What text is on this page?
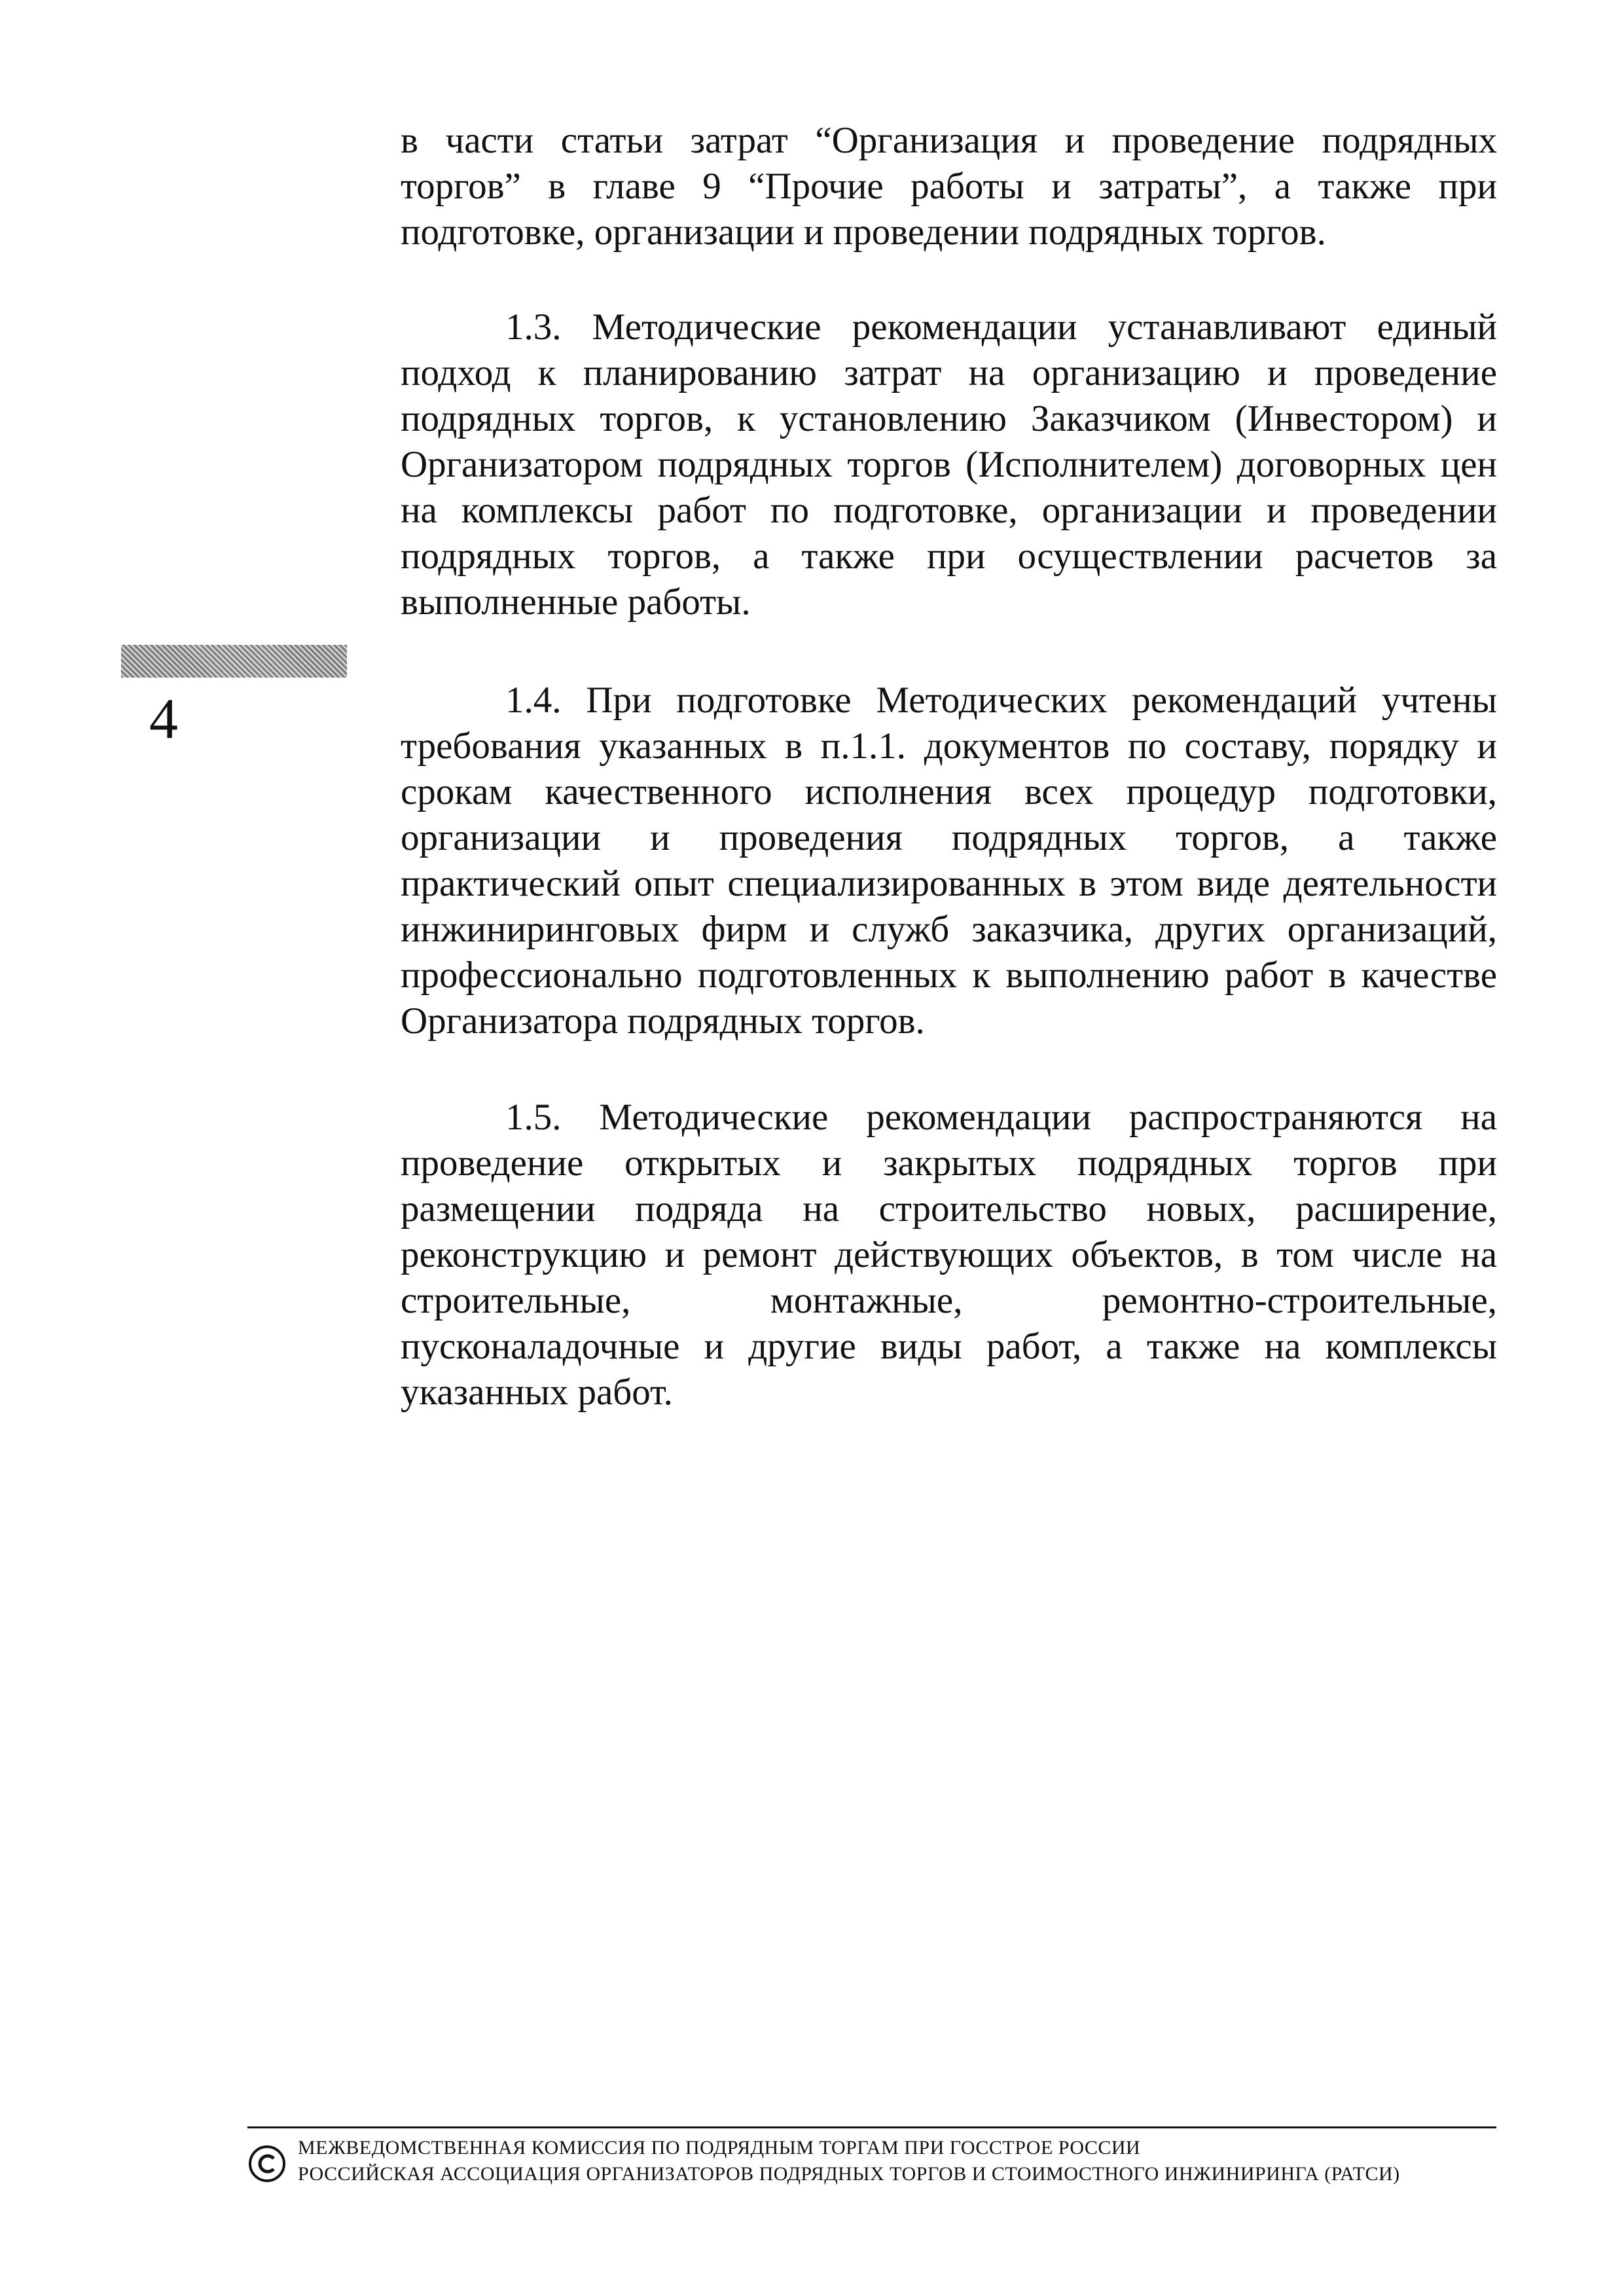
4
в части статьи затрат “Организация и проведение подрядных
торгов” в главе 9 “Прочие работы и затраты”, а также при
подготовке, организации и проведении подрядных торгов.
1.3. Методические рекомендации устанавливают единый
подход к планированию затрат на организацию и проведение
подрядных торгов, к установлению Заказчиком (Инвестором) и
Организатором подрядных торгов (Исполнителем) договорных цен
на комплексы работ по подготовке, организации и проведении
подрядных торгов, а также при осуществлении расчетов за
выполненные работы.
1.4. При подготовке Методических рекомендаций учтены
требования указанных в п.1.1. документов по составу, порядку и
срокам качественного исполнения всех процедур подготовки,
организации и проведения подрядных торгов, а также
практический опыт специализированных в этом виде деятельности
инжиниринговых фирм и служб заказчика, других организаций,
профессионально подготовленных к выполнению работ в качестве
Организатора подрядных торгов.
1.5. Методические рекомендации распространяются на
проведение открытых и закрытых подрядных торгов при
размещении подряда на строительство новых, расширение,
реконструкцию и ремонт действующих объектов, в том числе на
строительные, монтажные, ремонтно-строительные,
пусконаладочные и другие виды работ, а также на комплексы
указанных работ.
МЕЖВЕДОМСТВЕННАЯ КОМИССИЯ ПО ПОДРЯДНЫМ ТОРГАМ ПРИ ГОССТРОЕ РОССИИ
РОССИЙСКАЯ АССОЦИАЦИЯ ОРГАНИЗАТОРОВ ПОДРЯДНЫХ ТОРГОВ И СТОИМОСТНОГО ИНЖИНИРИНГА (РАТСИ)
